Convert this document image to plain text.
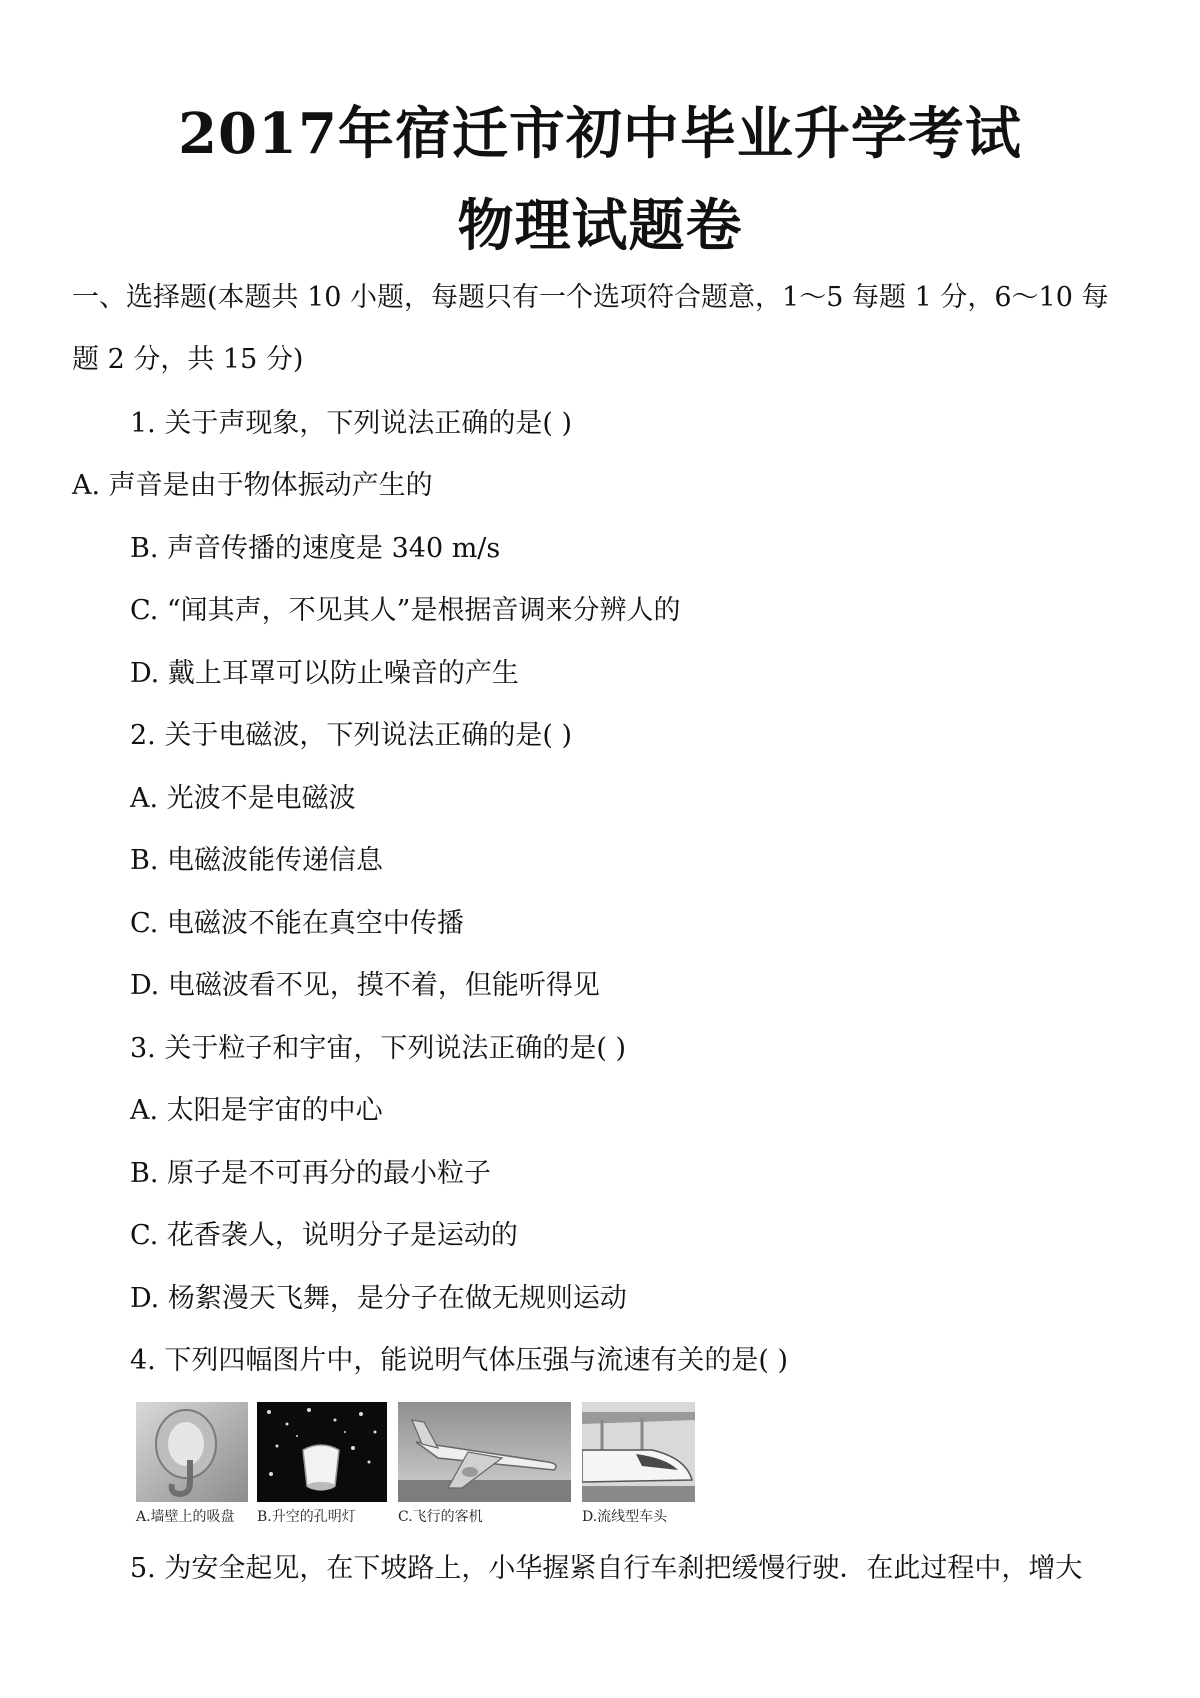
2017年宿迁市初中毕业升学考试
物理试题卷
一、选择题(本题共 10 小题，每题只有一个选项符合题意，1～5 每题 1 分，6～10 每
题 2 分，共 15 分)
1. 关于声现象，下列说法正确的是( )
A. 声音是由于物体振动产生的
B. 声音传播的速度是 340 m/s
C. “闻其声，不见其人”是根据音调来分辨人的
D. 戴上耳罩可以防止噪音的产生
2. 关于电磁波，下列说法正确的是( )
A. 光波不是电磁波
B. 电磁波能传递信息
C. 电磁波不能在真空中传播
D. 电磁波看不见，摸不着，但能听得见
3. 关于粒子和宇宙，下列说法正确的是( )
A. 太阳是宇宙的中心
B. 原子是不可再分的最小粒子
C. 花香袭人，说明分子是运动的
D. 杨絮漫天飞舞，是分子在做无规则运动
4. 下列四幅图片中，能说明气体压强与流速有关的是( )
A.墙壁上的吸盘 B.升空的孔明灯	C.飞行的客机	D.流线型车头
5. 为安全起见，在下坡路上，小华握紧自行车刹把缓慢行驶．在此过程中，增大
